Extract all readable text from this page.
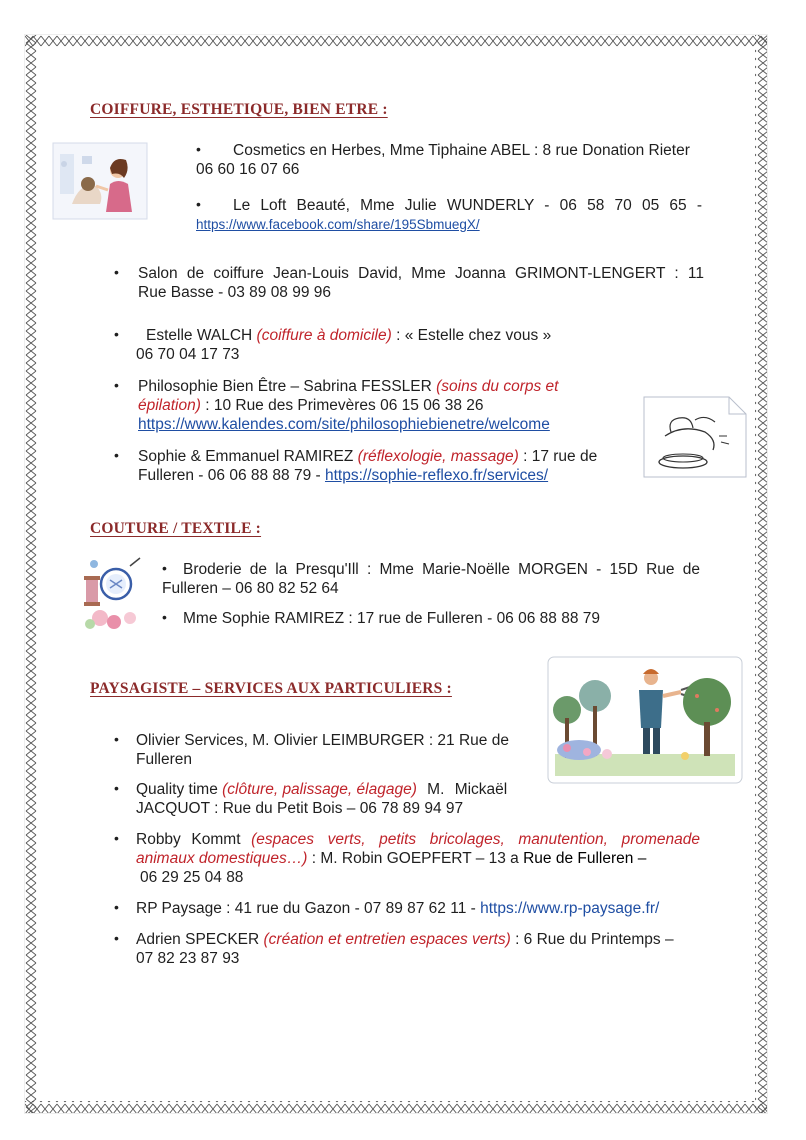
COIFFURE, ESTHETIQUE, BIEN ETRE :

• Cosmetics en Herbes, Mme Tiphaine ABEL : 8 rue Donation Rieter
06 60 16 07 66

• Le Loft Beauté, Mme Julie WUNDERLY - 06 58 70 05 65 -
https://www.facebook.com/share/195SbmuegX/

• Salon de coiffure Jean-Louis David, Mme Joanna GRIMONT-LENGERT : 11

Rue Basse - 03 89 08 99 96

• Estelle WALCH (coiffure à domicile) : « Estelle chez vous »
06 70 04 17 73

• Philosophie Bien Être – Sabrina FESSLER (soins du corps et
épilation) : 10 Rue des Primevères 06 15 06 38 26
https://www.kalendes.com/site/philosophiebienetre/welcome

• Sophie & Emmanuel RAMIREZ (réflexologie, massage) : 17 rue de
Fulleren - 06 06 88 88 79 - https://sophie-reflexo.fr/services/

COUTURE / TEXTILE :

• Broderie de la Presqu'Ill : Mme Marie-Noëlle MORGEN - 15D Rue de

Fulleren – 06 80 82 52 64

• Mme Sophie RAMIREZ : 17 rue de Fulleren - 06 06 88 88 79

PAYSAGISTE – SERVICES AUX PARTICULIERS :

• Olivier Services, M. Olivier LEIMBURGER : 21 Rue de
Fulleren

• Quality time (clôture, palissage, élagage) M. Mickaël
JACQUOT : Rue du Petit Bois – 06 78 89 94 97

• Robby Kommt (espaces verts, petits bricolages, manutention, promenade

animaux domestiques…) : M. Robin GOEPFERT – 13 a Rue de Fulleren –
06 29 25 04 88

• RP Paysage : 41 rue du Gazon - 07 89 87 62 11 - https://www.rp-paysage.fr/

• Adrien SPECKER (création et entretien espaces verts) : 6 Rue du Printemps –
07 82 23 87 93
